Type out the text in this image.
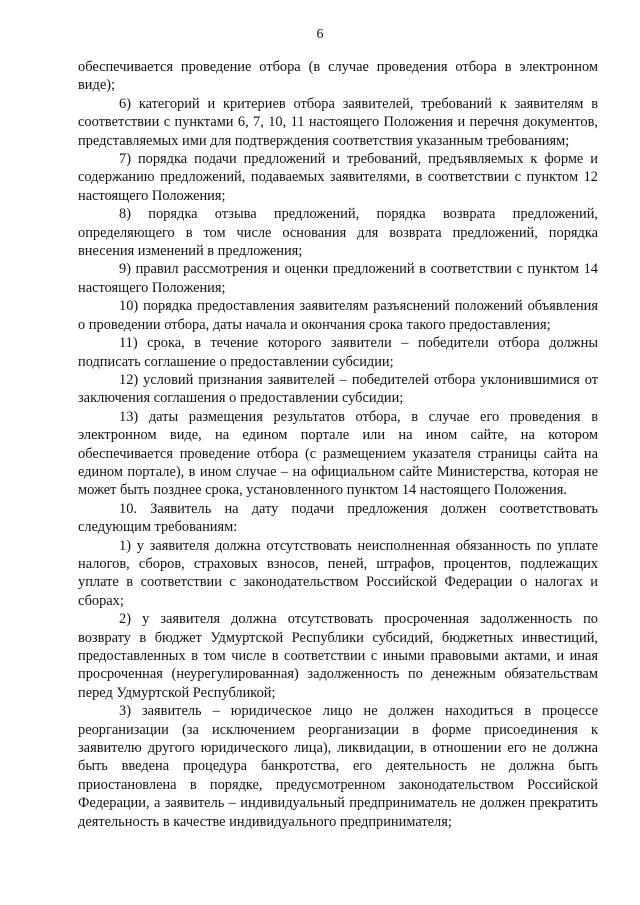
6

обеспечивается проведение отбора (в случае проведения отбора в электронном виде);

6) категорий и критериев отбора заявителей, требований к заявителям в соответствии с пунктами 6, 7, 10, 11 настоящего Положения и перечня документов, представляемых ими для подтверждения соответствия указанным требованиям;

7) порядка подачи предложений и требований, предъявляемых к форме и содержанию предложений, подаваемых заявителями, в соответствии с пунктом 12 настоящего Положения;

8) порядка отзыва предложений, порядка возврата предложений, определяющего в том числе основания для возврата предложений, порядка внесения изменений в предложения;

9) правил рассмотрения и оценки предложений в соответствии с пунктом 14 настоящего Положения;

10) порядка предоставления заявителям разъяснений положений объявления о проведении отбора, даты начала и окончания срока такого предоставления;

11) срока, в течение которого заявители – победители отбора должны подписать соглашение о предоставлении субсидии;

12) условий признания заявителей – победителей отбора уклонившимися от заключения соглашения о предоставлении субсидии;

13) даты размещения результатов отбора, в случае его проведения в электронном виде, на едином портале или на ином сайте, на котором обеспечивается проведение отбора (с размещением указателя страницы сайта на едином портале), в ином случае – на официальном сайте Министерства, которая не может быть позднее срока, установленного пунктом 14 настоящего Положения.

10. Заявитель на дату подачи предложения должен соответствовать следующим требованиям:

1) у заявителя должна отсутствовать неисполненная обязанность по уплате налогов, сборов, страховых взносов, пеней, штрафов, процентов, подлежащих уплате в соответствии с законодательством Российской Федерации о налогах и сборах;

2) у заявителя должна отсутствовать просроченная задолженность по возврату в бюджет Удмуртской Республики субсидий, бюджетных инвестиций, предоставленных в том числе в соответствии с иными правовыми актами, и иная просроченная (неурегулированная) задолженность по денежным обязательствам перед Удмуртской Республикой;

3) заявитель – юридическое лицо не должен находиться в процессе реорганизации (за исключением реорганизации в форме присоединения к заявителю другого юридического лица), ликвидации, в отношении его не должна быть введена процедура банкротства, его деятельность не должна быть приостановлена в порядке, предусмотренном законодательством Российской Федерации, а заявитель – индивидуальный предприниматель не должен прекратить деятельность в качестве индивидуального предпринимателя;
